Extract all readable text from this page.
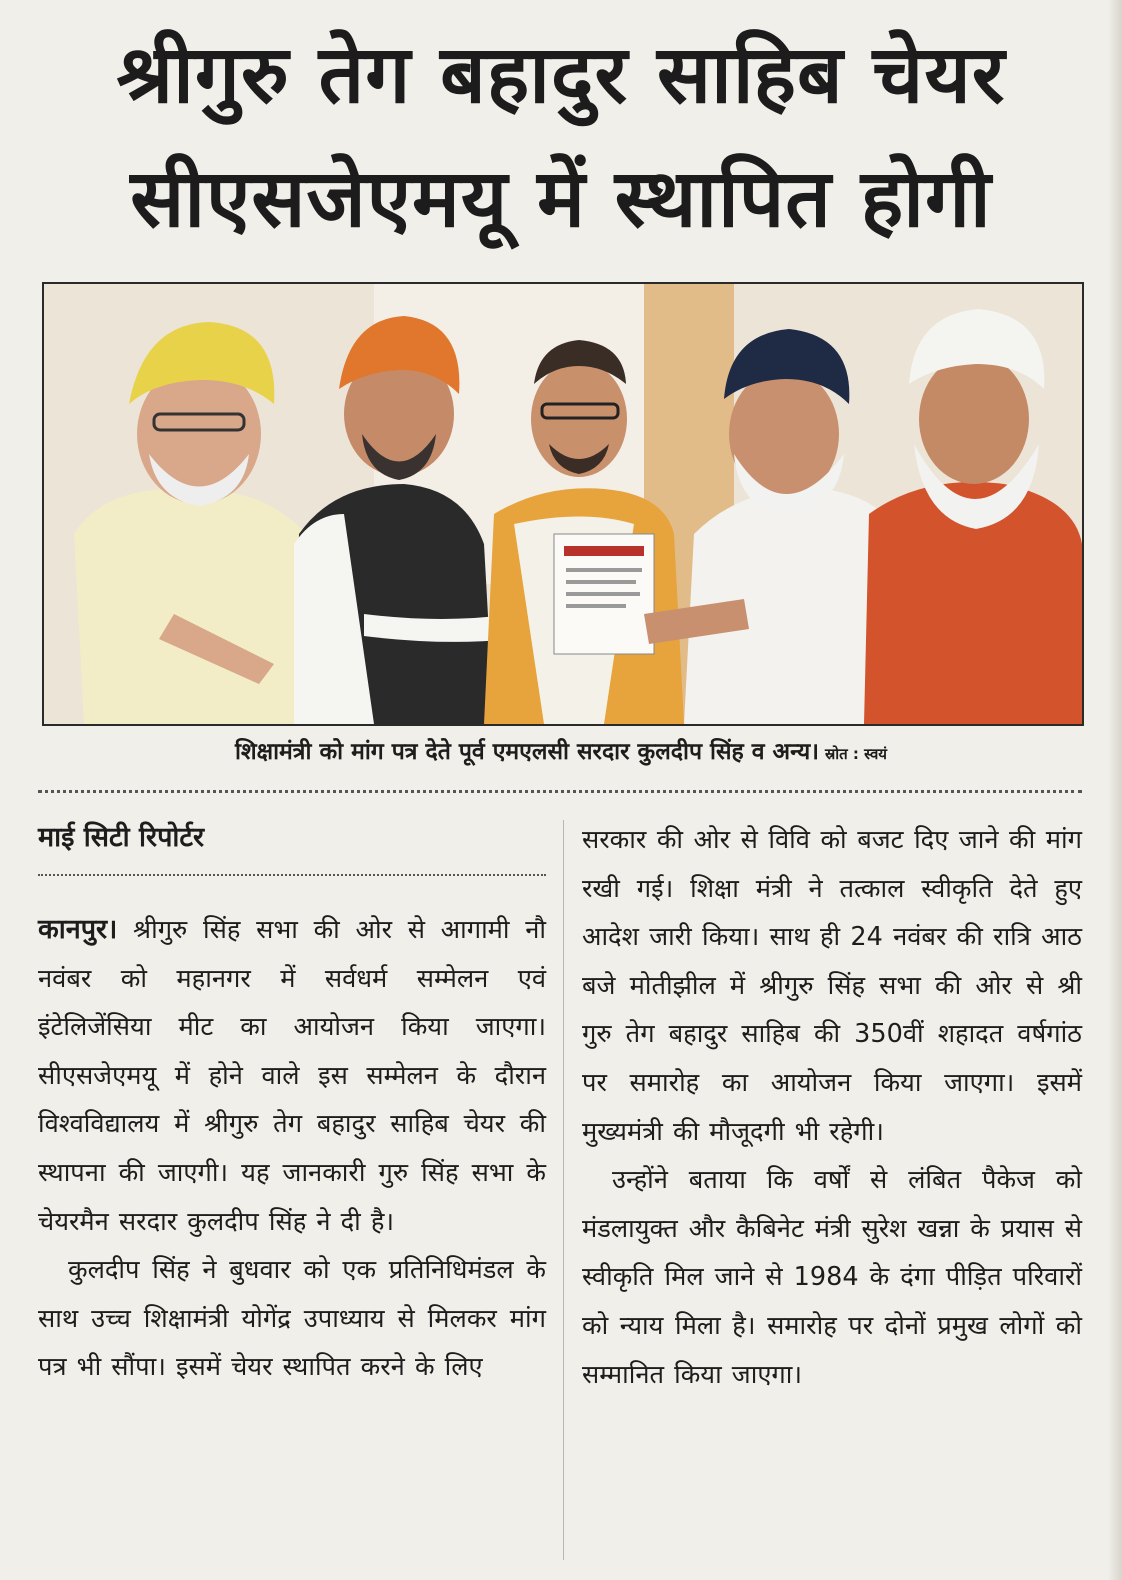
श्रीगुरु तेग बहादुर साहिब चेयर
सीएसजेएमयू में स्थापित होगी
शिक्षामंत्री को मांग पत्र देते पूर्व एमएलसी सरदार कुलदीप सिंह व अन्य। स्रोत : स्वयं
माई सिटी रिपोर्टर

कानपुर। श्रीगुरु सिंह सभा की ओर से आगामी नौ नवंबर को महानगर में सर्वधर्म सम्मेलन एवं इंटेलिजेंसिया मीट का आयोजन किया जाएगा। सीएसजेएमयू में होने वाले इस सम्मेलन के दौरान विश्वविद्यालय में श्रीगुरु तेग बहादुर साहिब चेयर की स्थापना की जाएगी। यह जानकारी गुरु सिंह सभा के चेयरमैन सरदार कुलदीप सिंह ने दी है।

कुलदीप सिंह ने बुधवार को एक प्रतिनिधिमंडल के साथ उच्च शिक्षामंत्री योगेंद्र उपाध्याय से मिलकर मांग पत्र भी सौंपा। इसमें चेयर स्थापित करने के लिए

सरकार की ओर से विवि को बजट दिए जाने की मांग रखी गई। शिक्षा मंत्री ने तत्काल स्वीकृति देते हुए आदेश जारी किया। साथ ही 24 नवंबर की रात्रि आठ बजे मोतीझील में श्रीगुरु सिंह सभा की ओर से श्री गुरु तेग बहादुर साहिब की 350वीं शहादत वर्षगांठ पर समारोह का आयोजन किया जाएगा। इसमें मुख्यमंत्री की मौजूदगी भी रहेगी।

उन्होंने बताया कि वर्षों से लंबित पैकेज को मंडलायुक्त और कैबिनेट मंत्री सुरेश खन्ना के प्रयास से स्वीकृति मिल जाने से 1984 के दंगा पीड़ित परिवारों को न्याय मिला है। समारोह पर दोनों प्रमुख लोगों को सम्मानित किया जाएगा।
